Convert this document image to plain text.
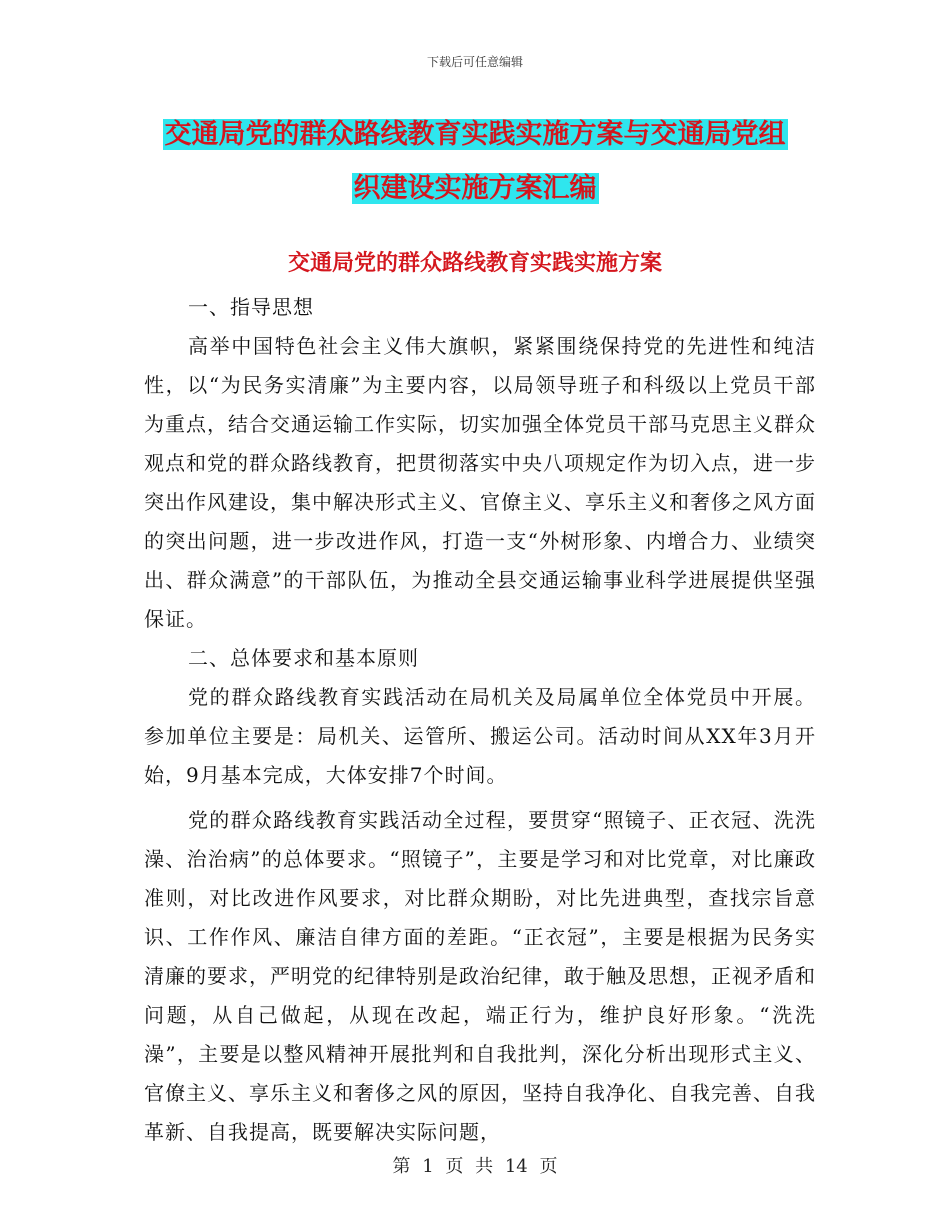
下载后可任意编辑
交通局党的群众路线教育实践实施方案与交通局党组
织建设实施方案汇编
交通局党的群众路线教育实践实施方案

一、指导思想

高举中国特色社会主义伟大旗帜，紧紧围绕保持党的先进性和纯洁性，以“为民务实清廉”为主要内容，以局领导班子和科级以上党员干部为重点，结合交通运输工作实际，切实加强全体党员干部马克思主义群众观点和党的群众路线教育，把贯彻落实中央八项规定作为切入点，进一步突出作风建设，集中解决形式主义、官僚主义、享乐主义和奢侈之风方面的突出问题，进一步改进作风，打造一支“外树形象、内增合力、业绩突出、群众满意”的干部队伍，为推动全县交通运输事业科学进展提供坚强保证。

二、总体要求和基本原则

党的群众路线教育实践活动在局机关及局属单位全体党员中开展。参加单位主要是：局机关、运管所、搬运公司。活动时间从XX年3月开始，9月基本完成，大体安排7个时间。

党的群众路线教育实践活动全过程，要贯穿“照镜子、正衣冠、洗洗澡、治治病”的总体要求。“照镜子”，主要是学习和对比党章，对比廉政准则，对比改进作风要求，对比群众期盼，对比先进典型，查找宗旨意识、工作作风、廉洁自律方面的差距。“正衣冠”，主要是根据为民务实清廉的要求，严明党的纪律特别是政治纪律，敢于触及思想，正视矛盾和问题，从自己做起，从现在改起，端正行为，维护良好形象。“洗洗澡”，主要是以整风精神开展批判和自我批判，深化分析出现形式主义、官僚主义、享乐主义和奢侈之风的原因，坚持自我净化、自我完善、自我革新、自我提高，既要解决实际问题，

第 1 页 共 14 页
